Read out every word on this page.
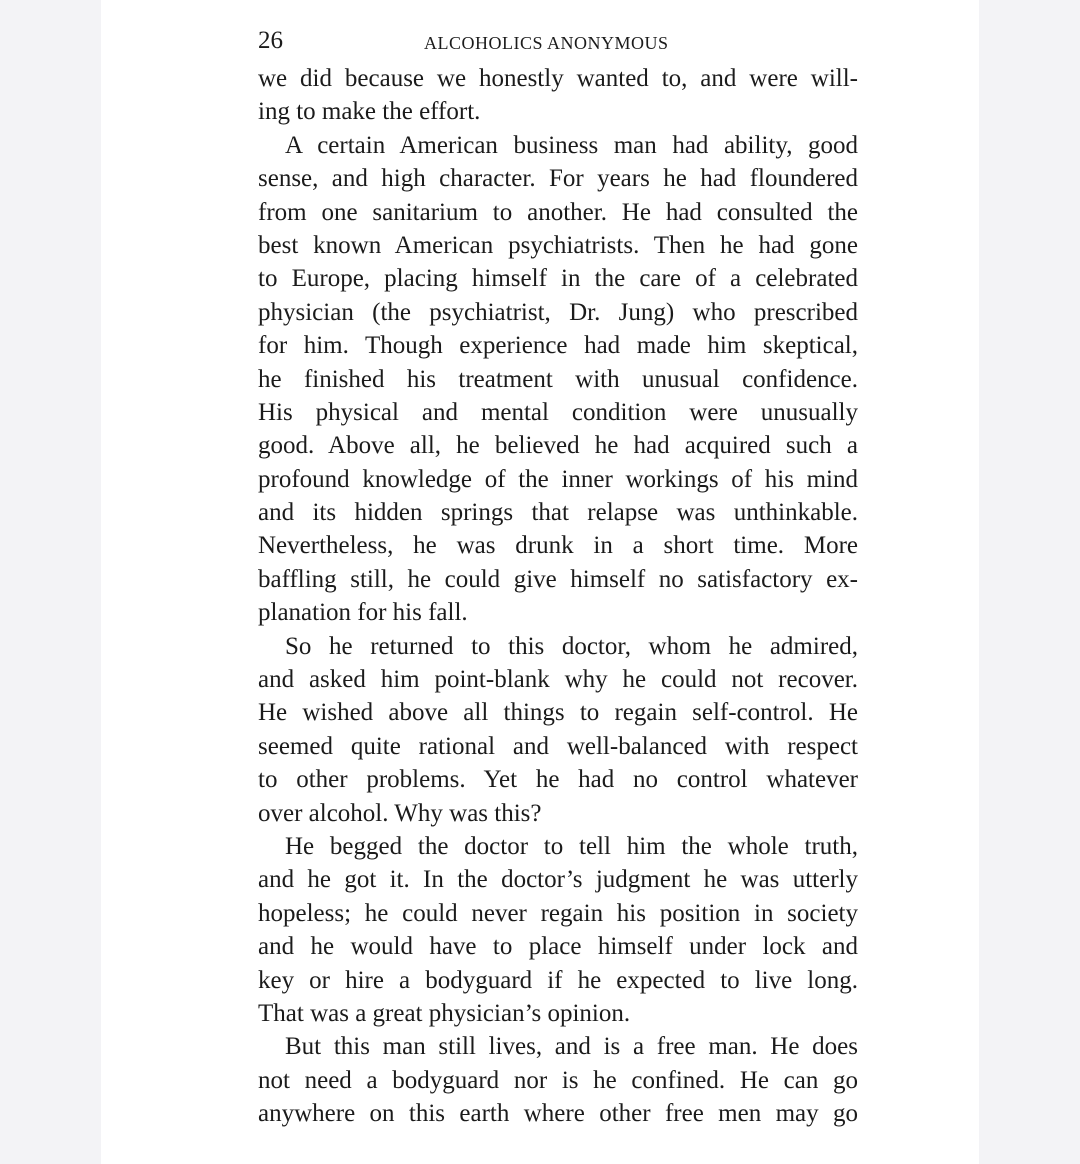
26	ALCOHOLICS ANONYMOUS
we did because we honestly wanted to, and were will-
ing to make the effort.
A certain American business man had ability, good
sense, and high character. For years he had floundered
from one sanitarium to another. He had consulted the
best known American psychiatrists. Then he had gone
to Europe, placing himself in the care of a celebrated
physician (the psychiatrist, Dr. Jung) who prescribed
for him. Though experience had made him skeptical,
he finished his treatment with unusual confidence.
His physical and mental condition were unusually
good. Above all, he believed he had acquired such a
profound knowledge of the inner workings of his mind
and its hidden springs that relapse was unthinkable.
Nevertheless, he was drunk in a short time. More
baffling still, he could give himself no satisfactory ex-
planation for his fall.
So he returned to this doctor, whom he admired,
and asked him point-blank why he could not recover.
He wished above all things to regain self-control. He
seemed quite rational and well-balanced with respect
to other problems. Yet he had no control whatever
over alcohol. Why was this?
He begged the doctor to tell him the whole truth,
and he got it. In the doctor’s judgment he was utterly
hopeless; he could never regain his position in society
and he would have to place himself under lock and
key or hire a bodyguard if he expected to live long.
That was a great physician’s opinion.
But this man still lives, and is a free man. He does
not need a bodyguard nor is he confined. He can go
anywhere on this earth where other free men may go
